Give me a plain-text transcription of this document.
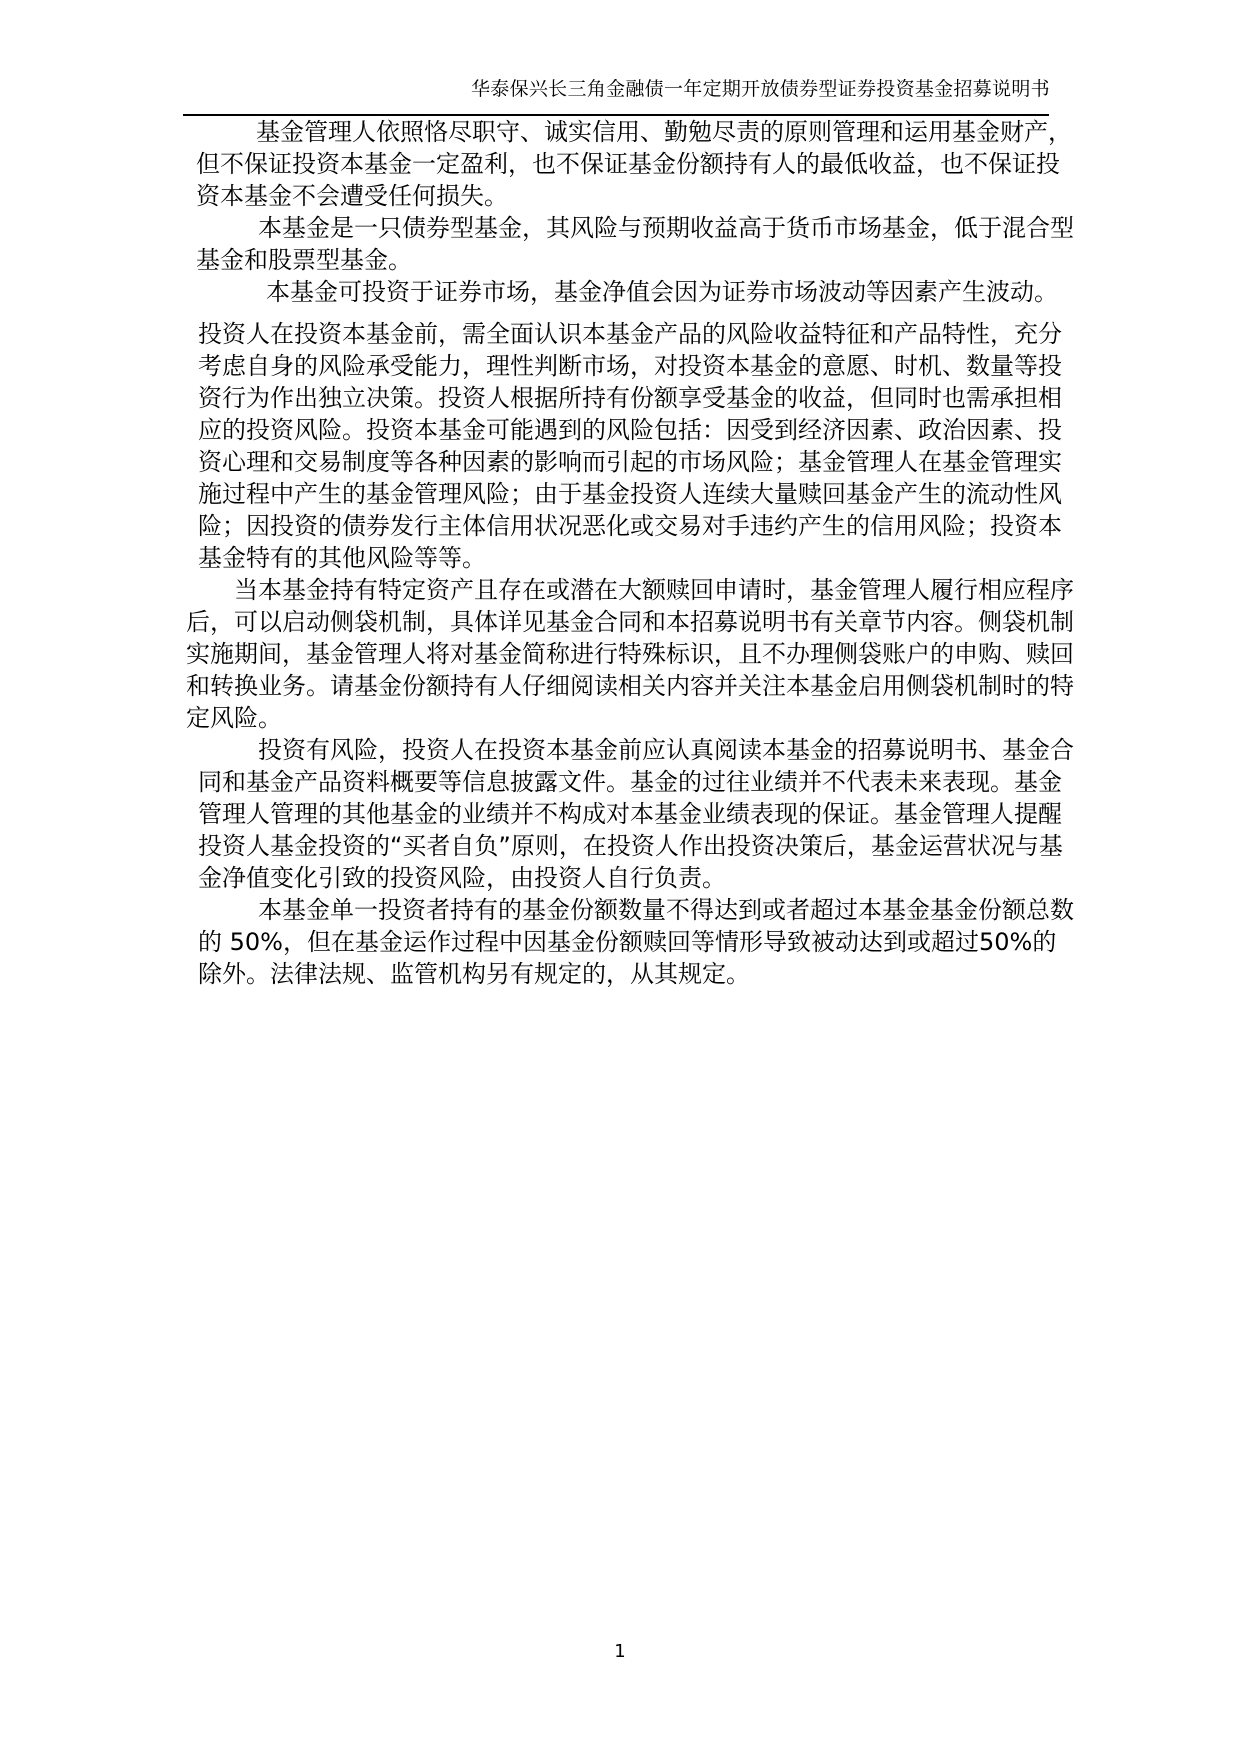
华泰保兴长三角金融债一年定期开放债券型证券投资基金招募说明书

基金管理人依照恪尽职守、诚实信用、勤勉尽责的原则管理和运用基金财产，但不保证投资本基金一定盈利，也不保证基金份额持有人的最低收益，也不保证投资本基金不会遭受任何损失。

本基金是一只债券型基金，其风险与预期收益高于货币市场基金，低于混合型基金和股票型基金。

本基金可投资于证券市场，基金净值会因为证券市场波动等因素产生波动。

投资人在投资本基金前，需全面认识本基金产品的风险收益特征和产品特性，充分考虑自身的风险承受能力，理性判断市场，对投资本基金的意愿、时机、数量等投资行为作出独立决策。投资人根据所持有份额享受基金的收益，但同时也需承担相应的投资风险。投资本基金可能遇到的风险包括：因受到经济因素、政治因素、投资心理和交易制度等各种因素的影响而引起的市场风险；基金管理人在基金管理实施过程中产生的基金管理风险；由于基金投资人连续大量赎回基金产生的流动性风险；因投资的债券发行主体信用状况恶化或交易对手违约产生的信用风险；投资本基金特有的其他风险等等。

当本基金持有特定资产且存在或潜在大额赎回申请时，基金管理人履行相应程序后，可以启动侧袋机制，具体详见基金合同和本招募说明书有关章节内容。侧袋机制实施期间，基金管理人将对基金简称进行特殊标识，且不办理侧袋账户的申购、赎回和转换业务。请基金份额持有人仔细阅读相关内容并关注本基金启用侧袋机制时的特定风险。

投资有风险，投资人在投资本基金前应认真阅读本基金的招募说明书、基金合同和基金产品资料概要等信息披露文件。基金的过往业绩并不代表未来表现。基金管理人管理的其他基金的业绩并不构成对本基金业绩表现的保证。基金管理人提醒投资人基金投资的“买者自负”原则，在投资人作出投资决策后，基金运营状况与基金净值变化引致的投资风险，由投资人自行负责。

本基金单一投资者持有的基金份额数量不得达到或者超过本基金基金份额总数的 50%，但在基金运作过程中因基金份额赎回等情形导致被动达到或超过50%的除外。法律法规、监管机构另有规定的，从其规定。

1
